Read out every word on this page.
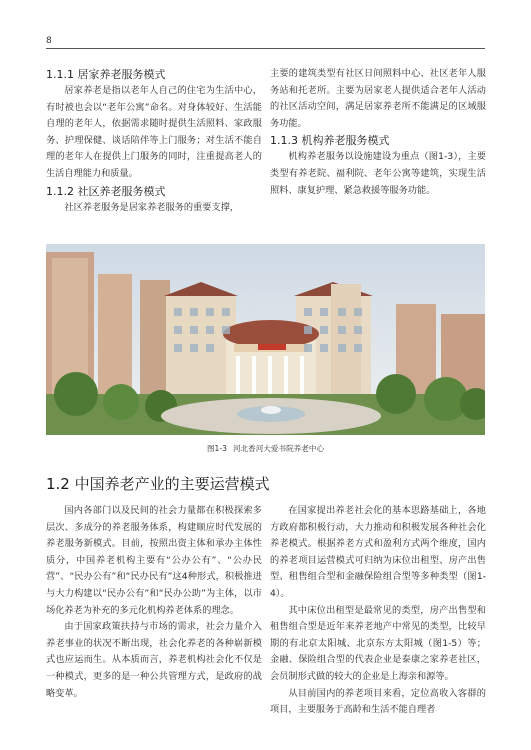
8
1.1.1 居家养老服务模式

居家养老是指以老年人自己的住宅为生活中心，有时被也会以“老年公寓”命名。对身体较好、生活能自理的老年人，依据需求随时提供生活照料、家政服务、护理保健、谈话陪伴等上门服务；对生活不能自理的老年人在提供上门服务的同时，注重提高老人的生活自理能力和质量。

1.1.2 社区养老服务模式

社区养老服务是居家养老服务的重要支撑，

主要的建筑类型有社区日间照料中心、社区老年人服务站和托老所。主要为居家老人提供适合老年人活动的社区活动空间，满足居家养老所不能满足的区域服务功能。

1.1.3 机构养老服务模式

机构养老服务以设施建设为重点（图1-3），主要类型有养老院、福利院、老年公寓等建筑，实现生活照料、康复护理、紧急救援等服务功能。

图1-3 河北香河大爱书院养老中心
1.2 中国养老产业的主要运营模式

国内各部门以及民间的社会力量都在积极探索多层次、多成分的养老服务体系，构建顺应时代发展的养老服务新模式。目前，按照出资主体和承办主体性质分，中国养老机构主要有“公办公有”、“公办民营”、“民办公有”和“民办民有”这4种形式，积极推进与大力构建以“民办公有”和“民办公助”为主体，以市场化养老为补充的多元化机构养老体系的理念。

由于国家政策扶持与市场的需求，社会力量介入养老事业的状况不断出现，社会化养老的各种崭新模式也应运而生。从本质而言，养老机构社会化不仅是一种模式，更多的是一种公共管理方式，是政府的战略变革。

在国家提出养老社会化的基本思路基础上，各地方政府都积极行动，大力推动和积极发展各种社会化养老模式。根据养老方式和盈利方式两个维度，国内的养老项目运营模式可归纳为床位出租型、房产出售型、租售组合型和金融保险组合型等多种类型（图1-4）。

其中床位出租型是最常见的类型，房产出售型和租售组合型是近年来养老地产中常见的类型，比较早期的有北京太阳城、北京东方太阳城（图1-5）等；金融、保险组合型的代表企业是泰康之家养老社区，会员制形式做的较大的企业是上海亲和源等。

从目前国内的养老项目来看，定位高收入客群的项目，主要服务于高龄和生活不能自理者
